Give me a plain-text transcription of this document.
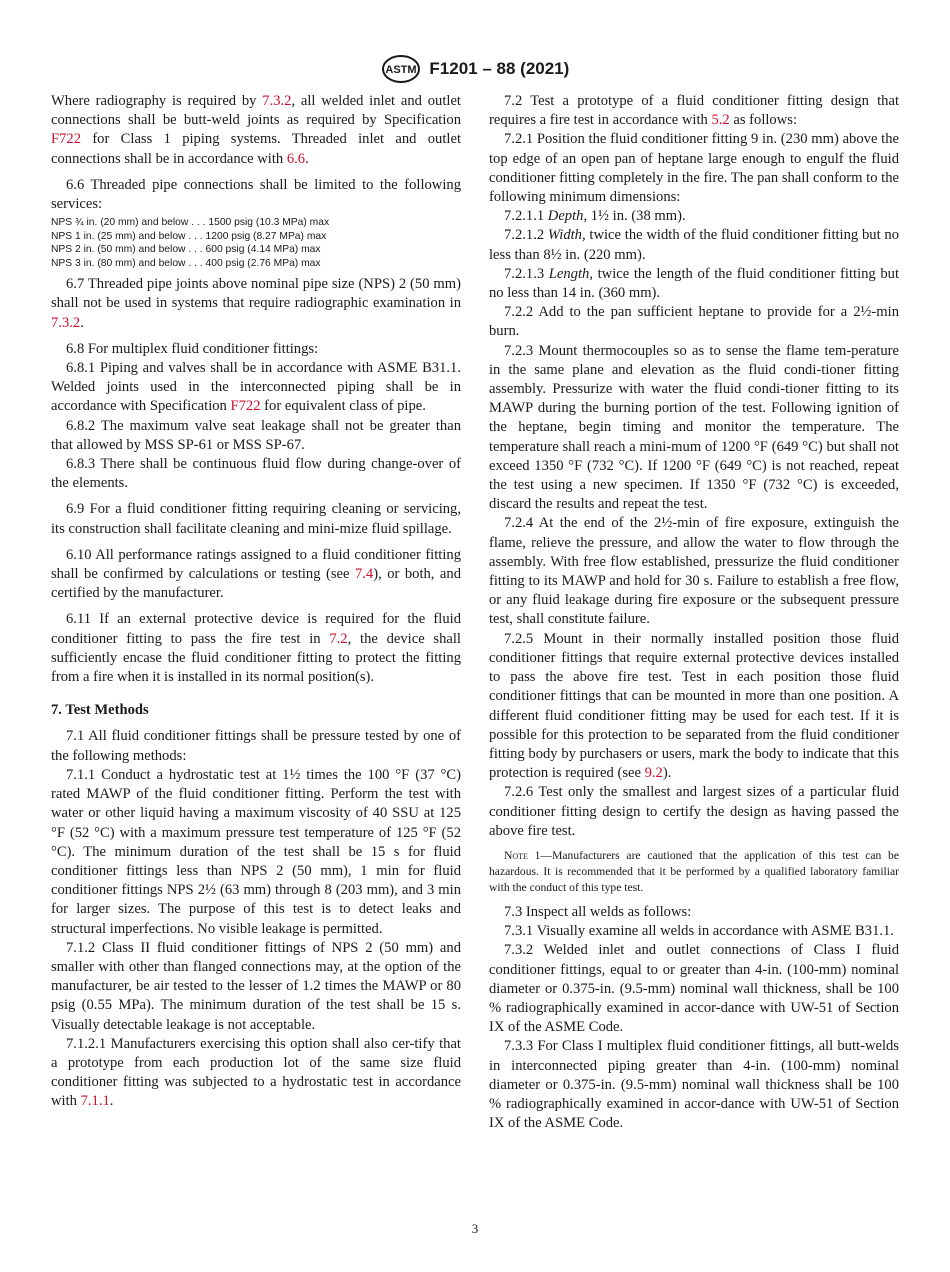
ASTM F1201 – 88 (2021)

Where radiography is required by 7.3.2, all welded inlet and outlet connections shall be butt-weld joints as required by Specification F722 for Class 1 piping systems. Threaded inlet and outlet connections shall be in accordance with 6.6.

6.6 Threaded pipe connections shall be limited to the following services:

NPS ¾ in. (20 mm) and below . . . 1500 psig (10.3 MPa) max
NPS 1 in. (25 mm) and below . . . 1200 psig (8.27 MPa) max
NPS 2 in. (50 mm) and below . . . 600 psig (4.14 MPa) max
NPS 3 in. (80 mm) and below . . . 400 psig (2.76 MPa) max

6.7 Threaded pipe joints above nominal pipe size (NPS) 2 (50 mm) shall not be used in systems that require radiographic examination in 7.3.2.

6.8 For multiplex fluid conditioner fittings:

6.8.1 Piping and valves shall be in accordance with ASME B31.1. Welded joints used in the interconnected piping shall be in accordance with Specification F722 for equivalent class of pipe.

6.8.2 The maximum valve seat leakage shall not be greater than that allowed by MSS SP-61 or MSS SP-67.

6.8.3 There shall be continuous fluid flow during change-over of the elements.

6.9 For a fluid conditioner fitting requiring cleaning or servicing, its construction shall facilitate cleaning and mini-mize fluid spillage.

6.10 All performance ratings assigned to a fluid conditioner fitting shall be confirmed by calculations or testing (see 7.4), or both, and certified by the manufacturer.

6.11 If an external protective device is required for the fluid conditioner fitting to pass the fire test in 7.2, the device shall sufficiently encase the fluid conditioner fitting to protect the fitting from a fire when it is installed in its normal position(s).

7. Test Methods

7.1 All fluid conditioner fittings shall be pressure tested by one of the following methods:

7.1.1 Conduct a hydrostatic test at 1½ times the 100 °F (37 °C) rated MAWP of the fluid conditioner fitting. Perform the test with water or other liquid having a maximum viscosity of 40 SSU at 125 °F (52 °C) with a maximum pressure test temperature of 125 °F (52 °C). The minimum duration of the test shall be 15 s for fluid conditioner fittings less than NPS 2 (50 mm), 1 min for fluid conditioner fittings NPS 2½ (63 mm) through 8 (203 mm), and 3 min for larger sizes. The purpose of this test is to detect leaks and structural imperfections. No visible leakage is permitted.

7.1.2 Class II fluid conditioner fittings of NPS 2 (50 mm) and smaller with other than flanged connections may, at the option of the manufacturer, be air tested to the lesser of 1.2 times the MAWP or 80 psig (0.55 MPa). The minimum duration of the test shall be 15 s. Visually detectable leakage is not acceptable.

7.1.2.1 Manufacturers exercising this option shall also cer-tify that a prototype from each production lot of the same size fluid conditioner fitting was subjected to a hydrostatic test in accordance with 7.1.1.

7.2 Test a prototype of a fluid conditioner fitting design that requires a fire test in accordance with 5.2 as follows:

7.2.1 Position the fluid conditioner fitting 9 in. (230 mm) above the top edge of an open pan of heptane large enough to engulf the fluid conditioner fitting completely in the fire. The pan shall conform to the following minimum dimensions:

7.2.1.1 Depth, 1½ in. (38 mm).

7.2.1.2 Width, twice the width of the fluid conditioner fitting but no less than 8½ in. (220 mm).

7.2.1.3 Length, twice the length of the fluid conditioner fitting but no less than 14 in. (360 mm).

7.2.2 Add to the pan sufficient heptane to provide for a 2½-min burn.

7.2.3 Mount thermocouples so as to sense the flame tem-perature in the same plane and elevation as the fluid condi-tioner fitting assembly. Pressurize with water the fluid condi-tioner fitting to its MAWP during the burning portion of the test. Following ignition of the heptane, begin timing and monitor the temperature. The temperature shall reach a mini-mum of 1200 °F (649 °C) but shall not exceed 1350 °F (732 °C). If 1200 °F (649 °C) is not reached, repeat the test using a new specimen. If 1350 °F (732 °C) is exceeded, discard the results and repeat the test.

7.2.4 At the end of the 2½-min of fire exposure, extinguish the flame, relieve the pressure, and allow the water to flow through the assembly. With free flow established, pressurize the fluid conditioner fitting to its MAWP and hold for 30 s. Failure to establish a free flow, or any fluid leakage during fire exposure or the subsequent pressure test, shall constitute failure.

7.2.5 Mount in their normally installed position those fluid conditioner fittings that require external protective devices installed to pass the above fire test. Test in each position those fluid conditioner fittings that can be mounted in more than one position. A different fluid conditioner fitting may be used for each test. If it is possible for this protection to be separated from the fluid conditioner fitting body by purchasers or users, mark the body to indicate that this protection is required (see 9.2).

7.2.6 Test only the smallest and largest sizes of a particular fluid conditioner fitting design to certify the design as having passed the above fire test.

Note 1—Manufacturers are cautioned that the application of this test can be hazardous. It is recommended that it be performed by a qualified laboratory familiar with the conduct of this type test.

7.3 Inspect all welds as follows:

7.3.1 Visually examine all welds in accordance with ASME B31.1.

7.3.2 Welded inlet and outlet connections of Class I fluid conditioner fittings, equal to or greater than 4-in. (100-mm) nominal diameter or 0.375-in. (9.5-mm) nominal wall thickness, shall be 100 % radiographically examined in accor-dance with UW-51 of Section IX of the ASME Code.

7.3.3 For Class I multiplex fluid conditioner fittings, all butt-welds in interconnected piping greater than 4-in. (100-mm) nominal diameter or 0.375-in. (9.5-mm) nominal wall thickness shall be 100 % radiographically examined in accor-dance with UW-51 of Section IX of the ASME Code.

3
